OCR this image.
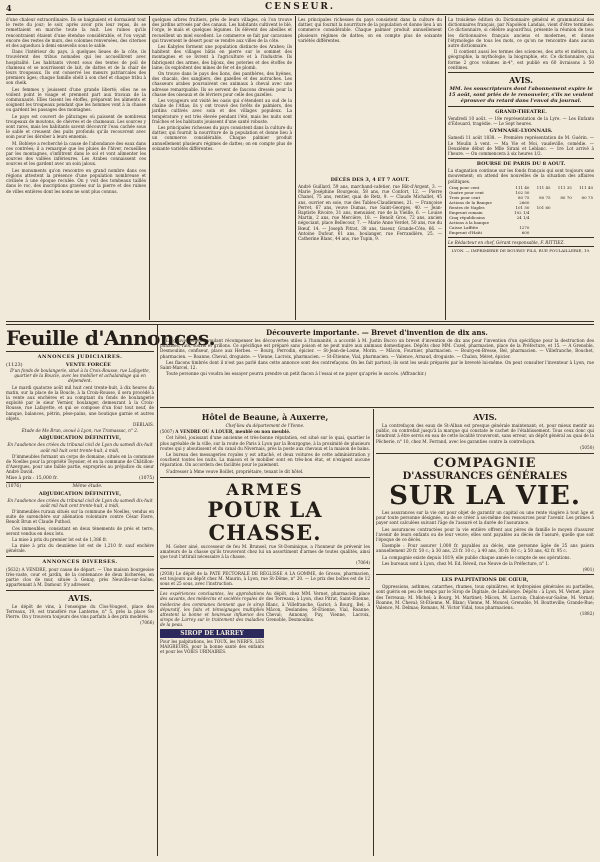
4	CENSEUR.

d'une chaleur extraordinaire. Ils se baignaient et dormaient tout le reste du jour; le soir, après avoir pris leur repas, ils se remettaient en marche toute la nuit. Les ruines qu'ils rencontraient étaient d'une étendue considérable, et l'on voyait encore des restes de murs, des colonnes renversées, des citernes et des aqueducs à demi ensevelis sous le sable.

Dans l'intérieur du pays, à quelques lieues de la côte, ils trouvèrent des tribus nomades qui les accueillirent avec hospitalité. Les habitants vivent sous des tentes de poil de chameau et se nourrissent de lait, de dattes et de la chair de leurs troupeaux. Ils ont conservé les mœurs patriarcales des premiers âges; chaque famille obéit à son chef et chaque tribu à son cheik.

Les femmes y jouissent d'une grande liberté; elles ne se voilent point le visage et prennent part aux travaux de la communauté. Elles tissent les étoffes, préparent les aliments et soignent les troupeaux pendant que les hommes vont à la chasse ou gardent les passages des montagnes.

Le pays est couvert de pâturages où paissent de nombreux troupeaux de moutons, de chèvres et de chameaux. Les sources y sont rares, mais les habitants savent découvrir l'eau cachée sous le sable et creusent des puits profonds qu'ils recouvrent avec soin pour les dérober à leurs ennemis.

M. Bobleye a recherché la cause de l'abondance des eaux dans ces contrées; il a remarqué que les pluies de l'hiver, recueillies par les montagnes, s'infiltrent dans le sol et vont alimenter les sources des vallées inférieures. Les Arabes connaissent ces sources et les gardent avec un soin jaloux.

Les monuments qu'on rencontre en grand nombre dans ces régions attestent la présence d'une population nombreuse et civilisée à une époque reculée. On y voit des tombeaux taillés dans le roc, des inscriptions gravées sur la pierre et des ruines de villes entières dont les noms ne sont plus connus.

quelques arbres fruitiers, près de leurs villages, où l'on trouve des jardins arrosés par des canaux. Les habitants cultivent le blé, l'orge, le maïs et quelques légumes. Ils élèvent des abeilles et recueillent un miel excellent. Le commerce se fait par caravanes qui traversent le désert pour se rendre aux villes de la côte.

Les Kabyles forment une population distincte des Arabes; ils habitent des villages bâtis en pierre sur le sommet des montagnes et se livrent à l'agriculture et à l'industrie. Ils fabriquent des armes, des bijoux, des poteries et des étoffes de laine; ils exploitent des mines de fer et de plomb.

On trouve dans le pays des lions, des panthères, des hyènes, des chacals, des sangliers, des gazelles et des autruches. Les chasseurs arabes poursuivent ces animaux à cheval avec une adresse remarquable. Ils se servent de faucons dressés pour la chasse des oiseaux et de lévriers pour celle des gazelles.

Les voyageurs ont visité les oasis qui s'étendent au sud de la chaîne de l'Atlas; ils y ont trouvé des forêts de palmiers, des jardins cultivés avec soin et des villages populeux. La température y est très élevée pendant l'été, mais les nuits sont fraîches et les habitants jouissent d'une santé robuste.

Les principales richesses du pays consistent dans la culture du dattier, qui fournit la nourriture de la population et donne lieu à un commerce considérable. Chaque palmier produit annuellement plusieurs régimes de dattes; on en compte plus de soixante variétés différentes.

Les principales richesses du pays consistent dans la culture du dattier, qui fournit la nourriture de la population et donne lieu à un commerce considérable. Chaque palmier produit annuellement plusieurs régimes de dattes; on en compte plus de soixante variétés différentes.

DÉCÈS DES 3, 4 ET 7 AOUT.

André Guillard, 59 ans, marchand-cafetier, rue Bât-d'Argent, 3. — Marie Joséphine Bourgeois, 58 ans, rue Confort, 12. — Pierre Chanel, 75 ans, rentier, quai de Retz, 9. — Claude Michallet, 45 ans, ouvrier en soie, rue des Tables-Claudiennes, 21. — Françoise Perret, 67 ans, veuve Dumas, rue Saint-Georges, 40. — Jean-Baptiste Rivoire, 31 ans, menuisier, rue de la Vieille, 6. — Louise Martin, 2 ans, rue Mercière, 18. — Benoît Gros, 72 ans, ancien négociant, place Bellecour, 7. — Marie Anne Verdet, 50 ans, rue du Bœuf, 14. — Joseph Pitrat, 38 ans, tisseur, Grande-Côte, 66. — Antoine Dufour, 61 ans, boulanger, rue Ferrandière, 25. — Catherine Blanc, 44 ans, rue Tupin, 9.

La troisième édition du Dictionnaire général et grammatical des dictionnaires français, par Napoléon Landais, vient d'être terminée. Ce dictionnaire, si célèbre aujourd'hui, présente la réunion de tous les dictionnaires français anciens et modernes, et donne l'étymologie de tous les mots, ce qu'on ne rencontre dans aucun autre dictionnaire.

Il contient aussi les termes des sciences, des arts et métiers, la géographie, la mythologie, la biographie, etc. Ce dictionnaire, qui forme 2 gros volumes in-4°, est publié en 60 livraisons à 50 centimes.

AVIS.

MM. les souscripteurs dont l'abonnement expire le 15 août, sont priés de le renouveler, s'ils ne veulent éprouver du retard dans l'envoi du journal.

GRAND-THEATRE.

Vendredi 10 août. — 18e représentation de la Lyre. — Les Enfants d'Édouard, tragédie. — Le Sept heures.

GYMNASE-LYONNAIS.

Samedi 11 août 1838. — Première représentation de M. Guérin. — Le Moulin à vent. — Ma Vie et Moi, vaudeville, comédie. — Deuxième début de Mlle Sirani et Leblanc. — 1re Lot arrivé à l'heure. — On commencera à six heures 1/2.

BOURSE DE PARIS DU 8 AOUT.

La stagnation continue sur les fonds français qui sont toujours sans mouvement; on attend des nouvelles de la situation des affaires politiques.

Cinq pour cent	111 40	111 45	111 35	111 40
Quatre pour cent	102 50			
Trois pour cent	80 75	80 75	80 70	80 75
Actions de la Banque	2660			
Rentes de Naples	101 50	101 60		
Emprunt romain	102 1/4			
Cinq républicains	24 1/4			
Actions à la banque				
Caisse Laffitte	1270			
Emprunt d'Haïti	600			

Le Rédacteur en chef, Gérant responsable, F. RITTIEZ.

LYON. — IMPRIMERIE DE BOURSY FILS, RUE POULAILLERIE, 19.

Feuille d'Annonces.
ANNONCES JUDICIAIRES.
(1123)	VENTE FORCÉE

D'un fonds de boulangerie, situé à la Croix-Rousse, rue Lafayette, quartier de la Boucle, avec les mobilier et achalandage qui en dépendent.

Le mardi quatorze août mil huit cent trente-huit, à dix heures du matin, sur la place de la Boucle, à la Croix-Rousse, il sera procédé à la vente aux enchères et au comptant du fonds de boulangerie exploité par le sieur Vernier, boulanger, demeurant à la Croix-Rousse, rue Lafayette, et qui se compose d'un four tout neuf, de banque, balances, pétrin, pèse-pains, une boutique garnie et autres objets.

DEBLAIS.

Étude de Me Brun, avoué à Lyon, rue Tramassac, n° 2.

ADJUDICATION DÉFINITIVE,

En l'audience des criées du tribunal civil de Lyon du samedi dix-huit août mil huit cent trente-huit, à midi,

D'immeubles formant un corps de domaine, situés en la commune de Noelles pour la propriété Teyssier, et en la commune de Châtillon-d'Azergues, pour une faible partie, expropriés au préjudice du sieur André David.

Mise à prix : 15,000 fr.	(1075)
(1076)	Même étude.
ADJUDICATION DÉFINITIVE,

En l'audience des criées du tribunal civil de Lyon du samedi dix-huit août mil huit cent trente-huit, à midi,

D'immeubles ruraux situés sur la commune de Noelles, vendus en suite de surenchère sur aliénation volontaire contre César Favre, Benoît Brun et Claude Puthod.

Ces immeubles, consistant en deux tènements de prés et terre, seront vendus en deux lots.

La mise à prix du premier lot est de 1,386 fr.

La mise à prix du deuxième lot est de 1,210 fr. sauf enchère générale.

ANNONCES DIVERSES.

(5632) A VENDRE, pour cause de départ. — Une maison bourgeoise très-vaste, cour et jardin, de la contenance de deux bicherées, en partie clos de mur, située à Genay, près Neuville-sur-Saône, appartenant à M. Damour. S'y adresser.

AVIS.

Le dépôt de vins, à l'enseigne du Clos-Vougeot, place des Terreaux, 19, est transféré rue Lanterne, n° 5, près la place St-Pierre. On y trouvera toujours des vins parfaits à des prix modérés.

(7066)

Découverte importante. — Brevet d'invention de dix ans.

Le gouvernement, voulant récompenser les découvertes utiles à l'humanité, a accordé à M. Justin Bucco un brevet d'invention de dix ans pour l'invention d'un spécifique pour la destruction des punaises, rats, souris et grillons. Ce spécifique est préparé sans poison et ne peut nuire aux animaux domestiques. Dépôts chez MM. Cozel, pharmacien, place de la Préfecture, et 15. — A Grenoble, Desmoulins, confiseur, place aux Herbes. — Bourg, Perrodin, épicier. — St-Jean-de-Losne, Morin. — Mâcon, Fournier, pharmacien. — Bourg-en-Bresse, Bel, pharmacien. — Villefranche, Bouchet, pharmacien. — Roanne, Cheval, droguiste. — Vienne, Lacroix, pharmacien. — St-Étienne, Vial, pharmacien. — Valence, Arnaud, droguiste. — Chalon, Méret, épicier.

Les flacons timbrés dont il n'est pas parlé dans cette annonce sont des contrefaçons. On les fait partout; ils sont les seuls préparés par le breveté lui-même. On peut consulter l'inventeur à Lyon, rue Saint-Marcel, 12.

Toute personne qui voudra les essayer pourra prendre un petit flacon à l'essai et ne payer qu'après le succès. (Affranchir.)

Hôtel de Beaune, à Auxerre,

Chef-lieu du département de l'Yonne.

(5007) A VENDRE OU A LOUER, meublé ou non meublé.

Cet hôtel, jouissant d'une ancienne et très-bonne réputation, est situé sur le quai, quartier le plus agréable de la ville, sur la route de Paris à Lyon par la Bourgogne, à la proximité de plusieurs routes qui y aboutissent et du canal du Nivernais, près la poste aux chevaux et la maison de bains.

Le bureau des messageries royales y est attaché, et deux voitures de cette administration y couchent toutes les nuits. La maison et le mobilier sont en très-bon état, et n'exigent aucune réparation. On accordera des facilités pour le paiement.

S'adresser à Mme veuve Boillet, propriétaire, tenant le dit hôtel.

ARMES
POUR LA CHASSE.

M. Gober ainé, successeur de feu M. Brunsel, rue St-Dominique, a l'honneur de prévenir les amateurs de la chasse qu'ils trouveront chez lui un assortiment d'armes de toutes qualités, ainsi que tout l'attirail nécessaire à la chasse.

(7064)

(2938) Le dépôt de la PATE PECTORALE DE RÉGLISSE A LA GOMME, de Grosso, pharmacien, est toujours au dépôt chez M. Maurin, à Lyon, rue St-Dôme, n° 20. — Le prix des boîtes est de 12 sous et 25 sous, avec l'instruction.

Les expériences concluantes, les approbations des savants, des médecins et sociétés royales de médecine des communes tiennent que le sirop dépuratif, les faits et témoignages multipliés attestent la bonne et heureuse influence des sirops de Larrey sur le traitement des maladies de la peau.

SIROP DE LARREY

Pour les palpitations, les TOUX, les NERFS, LES MAIGREURS, pour la bonne santé des enfants et pour les VOIES URINAIRES.

Au dépôt, chez MM. Vernet, pharmacien place des Terreaux; à Lyon, chez Pitrat, Saint-Étienne, Blanc, à Villefranche, Gariot; à Bourg, Bel; à Mâcon, Deslandes; St-Étienne, Vial, Roanne, Cheval; Annonay, Puy, Vienne, Lacroix, Grenoble, Desmoulins.

AVIS.

La contrefaçon des eaux de St-Alban est presque générale maintenant; et, pour mieux mentir au public, on contrefait jusqu'à la marque qui constate le cachet de l'établissement. Tous ceux donc qui tiendront à être servis en eau de cette localité trouveront, sans erreur, un dépôt général au quai de la Pêcherie, n° 10, chez M. Ferrand, avec les garanties contre la contrefaçon.

(5050)

COMPAGNIE
D'ASSURANCES GÉNÉRALES
SUR LA VIE.

Les assurances sur la vie ont pour objet de garantir un capital ou une rente viagère à tout âge et pour toute personne désignée, ou de se créer à soi-même des ressources pour l'avenir. Les primes à payer sont calculées suivant l'âge de l'assuré et la durée de l'assurance.

Les assurances contractées pour la vie entière offrent aux pères de famille le moyen d'assurer l'avenir de leurs enfants ou de leur veuve; elles sont payables au décès de l'assuré, quelle que soit l'époque de ce décès.

Exemple : Pour assurer 1,000 fr. payables au décès, une personne âgée de 25 ans paiera annuellement 20 fr. 50 c.; à 30 ans, 23 fr. 10 c.; à 40 ans, 30 fr. 60 c.; à 50 ans, 42 fr. 95 c.

La compagnie existe depuis 1819; elle publie chaque année le compte de ses opérations.

Les bureaux sont à Lyon, chez M. Ed. Réveil, rue Neuve de la Préfecture, n° 1.

(901)

LES PALPITATIONS DE CŒUR,

Oppressions, asthmes, catarrhes, rhumes, toux opiniâtres, et hydropisies générales ou partielles, sont guéris en peu de temps par le Sirop de Digitale, de Labélonye. Dépôts : à Lyon, M. Vernet, place des Terreaux; M. Michel; à Bourg, M. Martinet; Mâcon, M. Lacroix; Chalon-sur-Saône, M. Vernat; Roanne, M. Cheval; St-Étienne, M. Blanc; Vienne, M. Moncel; Grenoble, M. Boutteville; Grande-Rue; Valence, M. Delmas; Romans, M. Victor Vidal, tous pharmaciens.

(1882)
